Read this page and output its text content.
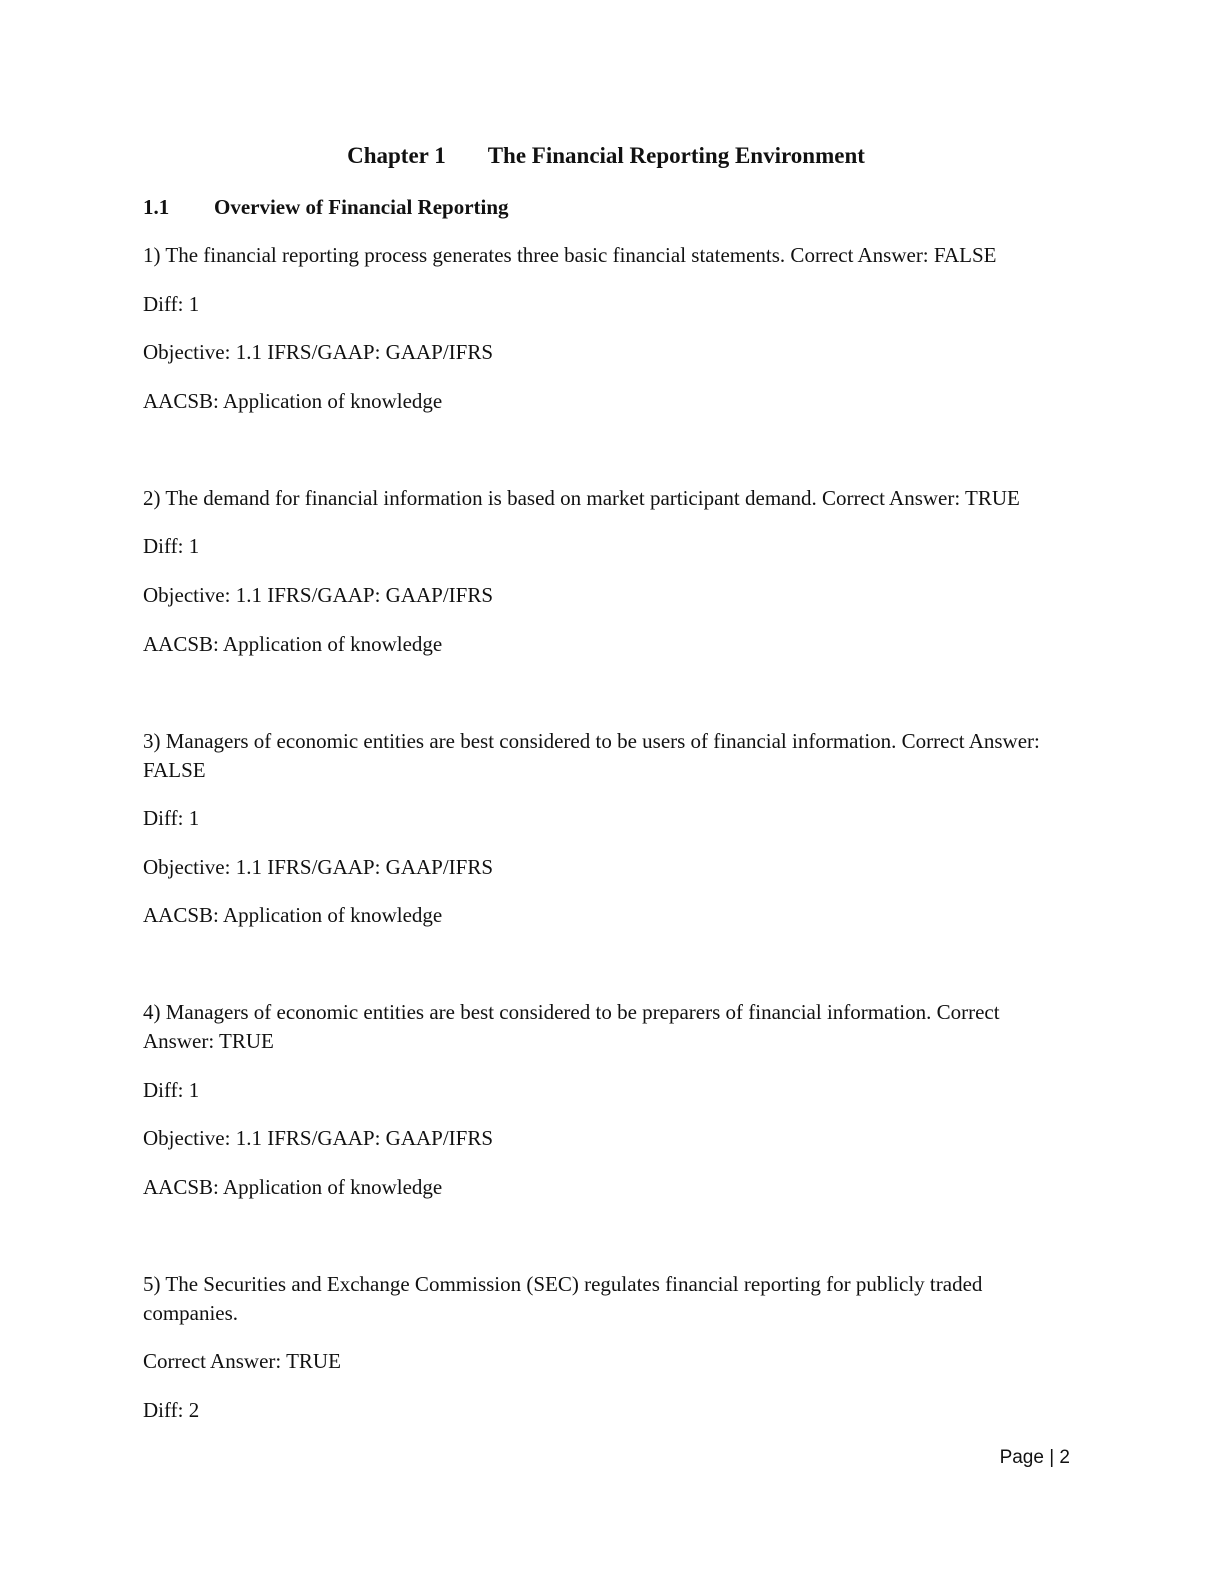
Chapter 1 The Financial Reporting Environment
1.1 Overview of Financial Reporting
1) The financial reporting process generates three basic financial statements. Correct Answer: FALSE
Diff: 1
Objective: 1.1 IFRS/GAAP: GAAP/IFRS
AACSB: Application of knowledge
2) The demand for financial information is based on market participant demand. Correct Answer: TRUE
Diff: 1
Objective: 1.1 IFRS/GAAP: GAAP/IFRS
AACSB: Application of knowledge
3) Managers of economic entities are best considered to be users of financial information. Correct Answer: FALSE
Diff: 1
Objective: 1.1 IFRS/GAAP: GAAP/IFRS
AACSB: Application of knowledge
4) Managers of economic entities are best considered to be preparers of financial information. Correct Answer: TRUE
Diff: 1
Objective: 1.1 IFRS/GAAP: GAAP/IFRS
AACSB: Application of knowledge
5) The Securities and Exchange Commission (SEC) regulates financial reporting for publicly traded companies.
Correct Answer: TRUE
Diff: 2
Page | 2
